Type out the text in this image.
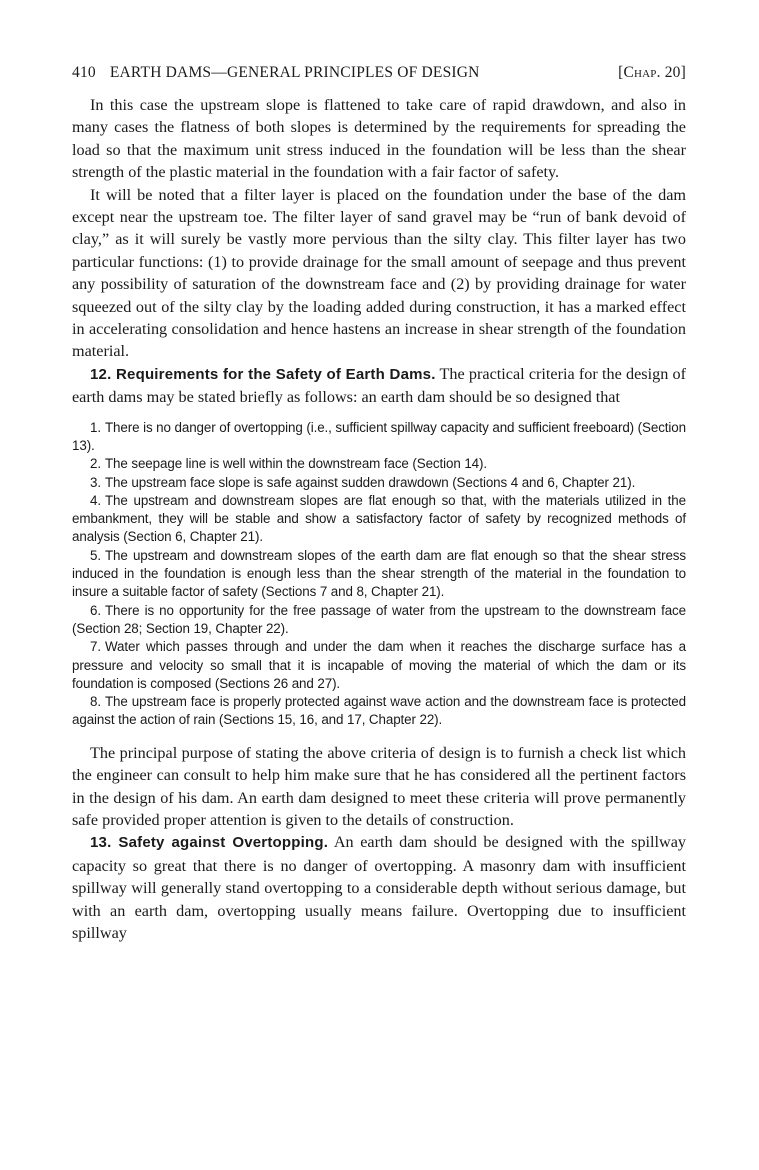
410 EARTH DAMS—GENERAL PRINCIPLES OF DESIGN	[Chap. 20]

In this case the upstream slope is flattened to take care of rapid drawdown, and also in many cases the flatness of both slopes is determined by the requirements for spreading the load so that the maximum unit stress induced in the foundation will be less than the shear strength of the plastic material in the foundation with a fair factor of safety.

It will be noted that a filter layer is placed on the foundation under the base of the dam except near the upstream toe. The filter layer of sand gravel may be “run of bank devoid of clay,” as it will surely be vastly more pervious than the silty clay. This filter layer has two particular functions: (1) to provide drainage for the small amount of seepage and thus prevent any possibility of saturation of the downstream face and (2) by providing drainage for water squeezed out of the silty clay by the loading added during construction, it has a marked effect in accelerating consolidation and hence hastens an increase in shear strength of the foundation material.

12. Requirements for the Safety of Earth Dams. The practical criteria for the design of earth dams may be stated briefly as follows: an earth dam should be so designed that

1. There is no danger of overtopping (i.e., sufficient spillway capacity and sufficient freeboard) (Section 13).
2. The seepage line is well within the downstream face (Section 14).
3. The upstream face slope is safe against sudden drawdown (Sections 4 and 6, Chapter 21).
4. The upstream and downstream slopes are flat enough so that, with the materials utilized in the embankment, they will be stable and show a satisfactory factor of safety by recognized methods of analysis (Section 6, Chapter 21).
5. The upstream and downstream slopes of the earth dam are flat enough so that the shear stress induced in the foundation is enough less than the shear strength of the material in the foundation to insure a suitable factor of safety (Sections 7 and 8, Chapter 21).
6. There is no opportunity for the free passage of water from the upstream to the downstream face (Section 28; Section 19, Chapter 22).
7. Water which passes through and under the dam when it reaches the discharge surface has a pressure and velocity so small that it is incapable of moving the material of which the dam or its foundation is composed (Sections 26 and 27).
8. The upstream face is properly protected against wave action and the downstream face is protected against the action of rain (Sections 15, 16, and 17, Chapter 22).

The principal purpose of stating the above criteria of design is to furnish a check list which the engineer can consult to help him make sure that he has considered all the pertinent factors in the design of his dam. An earth dam designed to meet these criteria will prove permanently safe provided proper attention is given to the details of construction.

13. Safety against Overtopping. An earth dam should be designed with the spillway capacity so great that there is no danger of overtopping. A masonry dam with insufficient spillway will generally stand overtopping to a considerable depth without serious damage, but with an earth dam, overtopping usually means failure. Overtopping due to insufficient spillway
